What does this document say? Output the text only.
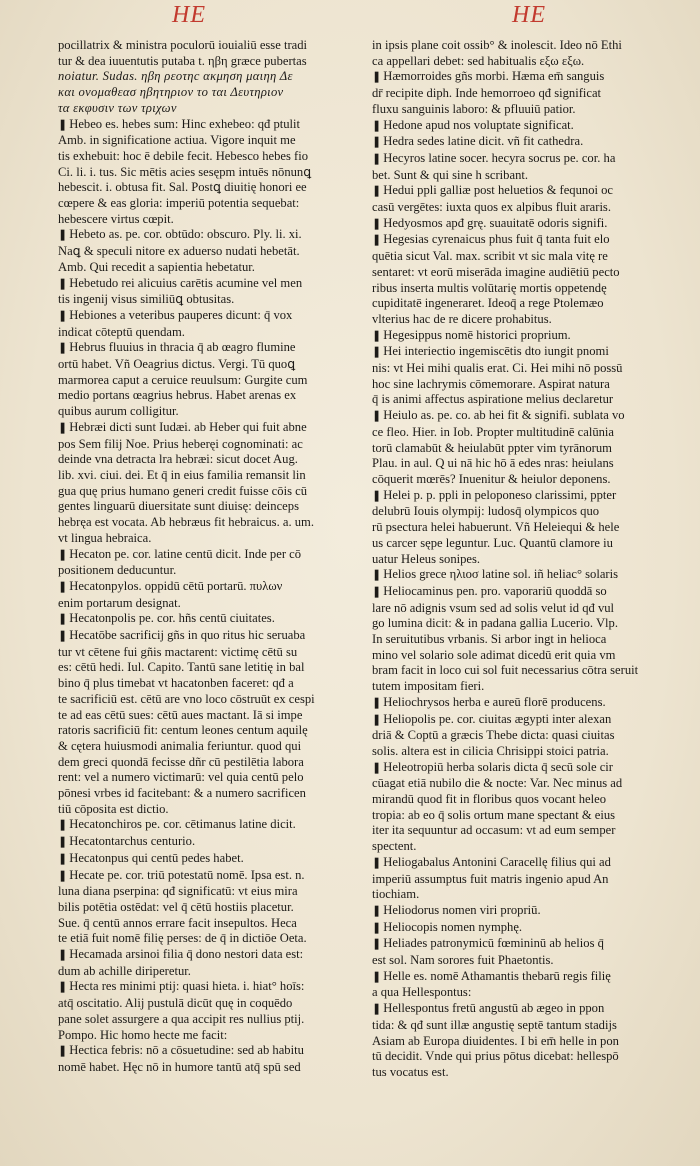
HE	HE
pocillatrix & ministra poculorū iouialiū esse tradi
tur & dea iuuentutis putaba t. ηβη græce pubertas
noiatur. Sudas. ηβη ρεοτηc ακμηση μαιηη Δε
και ονομαθεασ ηβητηριον το ται Δευτηριον
τα εκφυσιν των τριχων
❚ Hebeo es. hebes sum: Hinc exhebeo: qđ ptulit
Amb. in significatione actiua. Vigore inquit me
tis exhebuit: hoc ē debile fecit. Hebesco hebes fio
Ci. li. i. tus. Sic mētis acies sesępm intuēs nōnunꝗ
hebescit. i. obtusa fit. Sal. Postꝗ diuitię honori ee
cœpere & eas gloria: imperiū potentia sequebat:
hebescere virtus cœpit.
❚ Hebeto as. pe. cor. obtūdo: obscuro. Ply. li. xi.
Naꝗ & speculi nitore ex aduerso nudati hebetāt.
Amb. Qui recedit a sapientia hebetatur.
❚ Hebetudo rei alicuius carētis acumine vel men
tis ingenij visus similiūꝗ obtusitas.
❚ Hebiones a veteribus pauperes dicunt: q̄ vox
indicat cōteptū quendam.
❚ Hebrus fluuius in thracia q̄ ab œagro flumine
ortū habet. Vñ Oeagrius dictus. Vergi. Tū quoꝗ
marmorea caput a ceruice reuulsum: Gurgite cum
medio portans œagrius hebrus. Habet arenas ex
quibus aurum colligitur.
❚ Hebræi dicti sunt Iudæi. ab Heber qui fuit abne
pos Sem filij Noe. Prius heberęi cognominati: ac
deinde vna detracta lra hebræi: sicut docet Aug.
lib. xvi. ciui. dei. Et q̄ in eius familia remansit lin
gua quę prius humano generi credit fuisse cōis cū
gentes linguarū diuersitate sunt diuisę: deinceps
hebręa est vocata. Ab hebræus fit hebraicus. a. um.
vt lingua hebraica.
❚ Hecaton pe. cor. latine centū dicit. Inde per cō
positionem deducuntur.
❚ Hecatonpylos. oppidū cētū portarū. πυλων
enim portarum designat.
❚ Hecatonpolis pe. cor. hñs centū ciuitates.
❚ Hecatōbe sacrificij gñs in quo ritus hic seruaba
tur vt cētene fui gñis mactarent: victimę cētū su
es: cētū hedi. Iul. Capito. Tantū sane letitię in bal
bino q̄ plus timebat vt hacatonben faceret: qđ a
te sacrificiū est. cētū are vno loco cōstruūt ex cespi
te ad eas cētū sues: cētū aues mactant. Iā si impe
ratoris sacrificiū fit: centum leones centum aquilę
& cętera huiusmodi animalia feriuntur. quod qui
dem greci quondā fecisse dñr cū pestilētia labora
rent: vel a numero victimarū: vel quia centū pelo
pōnesi vrbes id facitebant: & a numero sacrificen
tiū cōposita est dictio.
❚ Hecatonchiros pe. cor. cētimanus latine dicit.
❚ Hecatontarchus centurio.
❚ Hecatonpus qui centū pedes habet.
❚ Hecate pe. cor. triū potestatū nomē. Ipsa est. n.
luna diana pserpina: qđ significatū: vt eius mira
bilis potētia ostēdat: vel q̄ cētū hostiis placetur.
Sue. q̄ centū annos errare facit insepultos. Heca
te etiā fuit nomē filię perses: de q̄ in dictiōe Oeta.
❚ Hecamada arsinoi filia q̄ dono nestori data est:
dum ab achille diriperetur.
❚ Hecta res minimi ptij: quasi hieta. i. hiat° hoīs:
atq̄ oscitatio. Alij pustulā dicūt quę in coquēdo
pane solet assurgere a qua accipit res nullius ptij.
Pompo. Hic homo hecte me facit:
❚ Hectica febris: nō a cōsuetudine: sed ab habitu
nomē habet. Hęc nō in humore tantū atq̄ spū sed
in ipsis plane coit ossib° & inolescit. Ideo nō Ethi
ca appellari debet: sed habitualis εξω εξω.
❚ Hæmorroides gñs morbi. Hæma em̄ sanguis
dr̄ recipite diph. Inde hemorroeo qđ significat
fluxu sanguinis laboro: & pfluuiū patior.
❚ Hedone apud nos voluptate significat.
❚ Hedra sedes latine dicit. vñ fit cathedra.
❚ Hecyros latine socer. hecyra socrus pe. cor. ha
bet. Sunt & qui sine h scribant.
❚ Hedui ppli galliæ post heluetios & fequnoi oc
casū vergētes: iuxta quos ex alpibus fluit araris.
❚ Hedyosmos apđ grę. suauitatē odoris signifi.
❚ Hegesias cyrenaicus phus fuit q̄ tanta fuit elo
quētia sicut Val. max. scribit vt sic mala vitę re
sentaret: vt eorū miserāda imagine audiētiū pecto
ribus inserta multis volūtarię mortis oppetendę
cupiditatē ingeneraret. Ideoq̄ a rege Ptolemæo
vlterius hac de re dicere prohabitus.
❚ Hegesippus nomē historici proprium.
❚ Hei interiectio ingemiscētis dto iungit pnomi
nis: vt Hei mihi qualis erat. Ci. Hei mihi nō possū
hoc sine lachrymis cōmemorare. Aspirat natura
q̄ is animi affectus aspiratione melius declaretur
❚ Heiulo as. pe. co. ab hei fit & signifi. sublata vo
ce fleo. Hier. in Iob. Propter multitudinē calūnia
torū clamabūt & heiulabūt ppter vim tyrānorum
Plau. in aul. Q ui nā hic hō ā edes nras: heiulans
cōquerit mœrēs? Inuenitur & heiulor deponens.
❚ Helei p. p. ppli in peloponeso clarissimi, ppter
delubrū Iouis olympij: ludosq̄ olympicos quo
rū psectura helei habuerunt. Vñ Heleiequi & hele
us carcer sępe leguntur. Luc. Quantū clamore iu
uatur Heleus sonipes.
❚ Helios grece ηλιοσ latine sol. iñ heliac° solaris
❚ Heliocaminus pen. pro. vaporariū quoddā so
lare nō adignis vsum sed ad solis velut id qđ vul
go lumina dicit: & in padana gallia Lucerio. Vlp.
In seruitutibus vrbanis. Si arbor ingt in helioca
mino vel solario sole adimat dicedū erit quia vm
bram facit in loco cui sol fuit necessarius cōtra seruit
tutem impositam fieri.
❚ Heliochrysos herba e aureū florē producens.
❚ Heliopolis pe. cor. ciuitas ægypti inter alexan
driā & Coptū a græcis Thebe dicta: quasi ciuitas
solis. altera est in cilicia Chrisippi stoici patria.
❚ Heleotropiū herba solaris dicta q̄ secū sole cir
cūagat etiā nubilo die & nocte: Var. Nec minus ad
mirandū quod fit in floribus quos vocant heleo
tropia: ab eo q̄ solis ortum mane spectant & eius
iter ita sequuntur ad occasum: vt ad eum semper
spectent.
❚ Heliogabalus Antonini Caracellę filius qui ad
imperiū assumptus fuit matris ingenio apud An
tiochiam.
❚ Heliodorus nomen viri propriū.
❚ Heliocopis nomen nymphę.
❚ Heliades patronymicū fœmininū ab helios q̄
est sol. Nam sorores fuit Phaetontis.
❚ Helle es. nomē Athamantis thebarū regis filię
a qua Hellespontus:
❚ Hellespontus fretū angustū ab ægeo in ppon
tida: & qđ sunt illæ angustię septē tantum stadijs
Asiam ab Europa diuidentes. I bi em̄ helle in pon
tū decidit. Vnde qui prius pōtus dicebat: hellespō
tus vocatus est.
